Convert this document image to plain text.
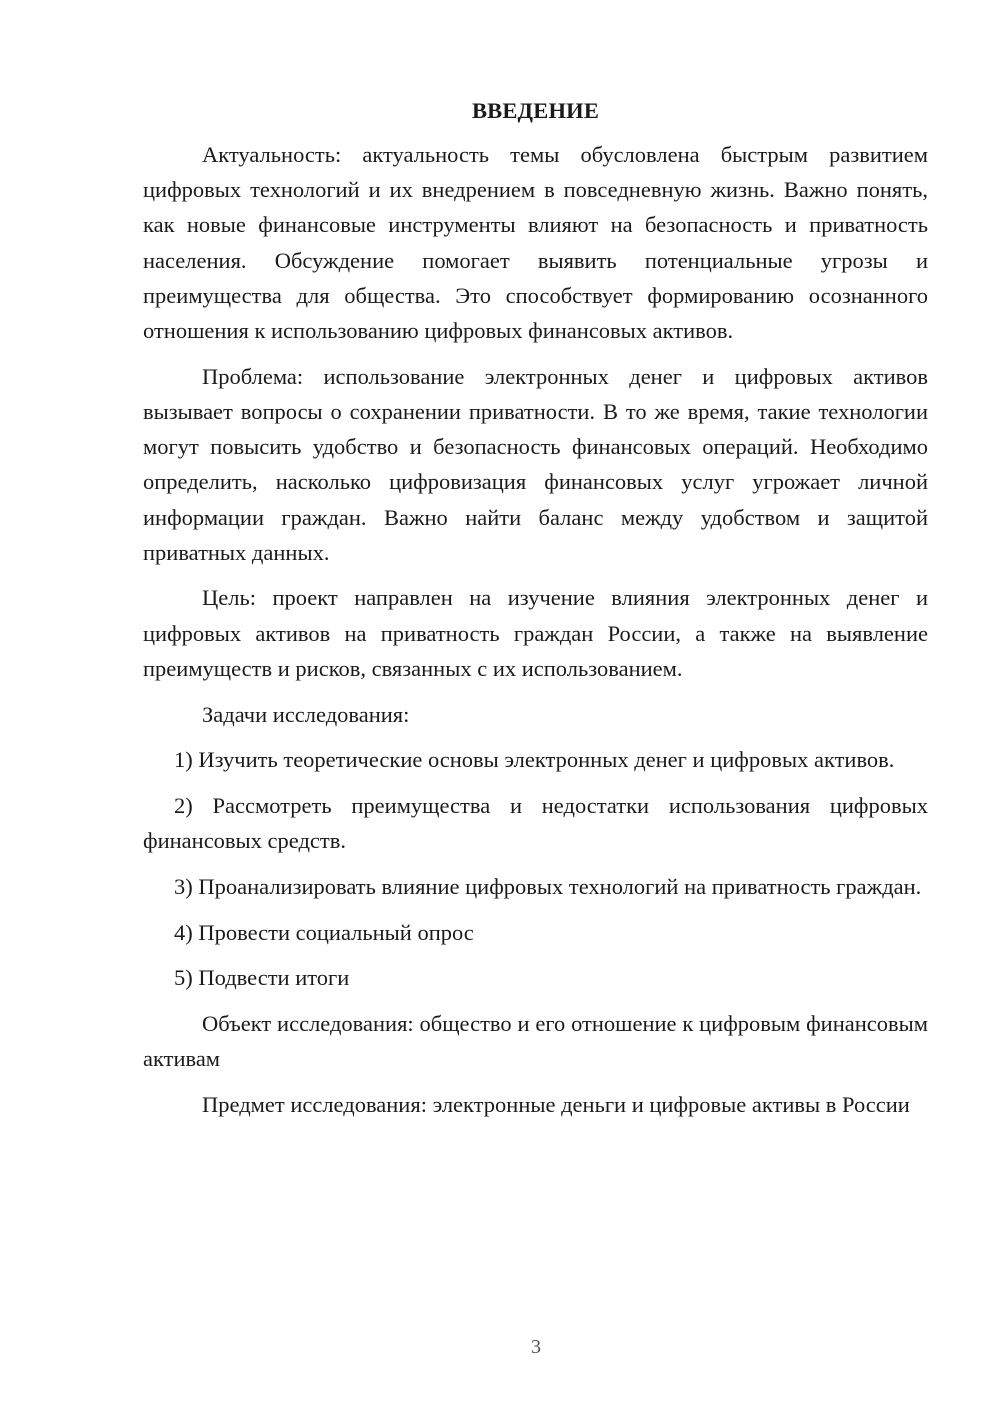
ВВЕДЕНИЕ

Актуальность: актуальность темы обусловлена быстрым развитием цифровых технологий и их внедрением в повседневную жизнь. Важно понять, как новые финансовые инструменты влияют на безопасность и приватность населения. Обсуждение помогает выявить потенциальные угрозы и преимущества для общества. Это способствует формированию осознанного отношения к использованию цифровых финансовых активов.

Проблема: использование электронных денег и цифровых активов вызывает вопросы о сохранении приватности. В то же время, такие технологии могут повысить удобство и безопасность финансовых операций. Необходимо определить, насколько цифровизация финансовых услуг угрожает личной информации граждан. Важно найти баланс между удобством и защитой приватных данных.

Цель: проект направлен на изучение влияния электронных денег и цифровых активов на приватность граждан России, а также на выявление преимуществ и рисков, связанных с их использованием.

Задачи исследования:

1) Изучить теоретические основы электронных денег и цифровых активов.

2) Рассмотреть преимущества и недостатки использования цифровых финансовых средств.

3) Проанализировать влияние цифровых технологий на приватность граждан.

4) Провести социальный опрос

5) Подвести итоги

Объект исследования: общество и его отношение к цифровым финансовым активам

Предмет исследования: электронные деньги и цифровые активы в России

3
